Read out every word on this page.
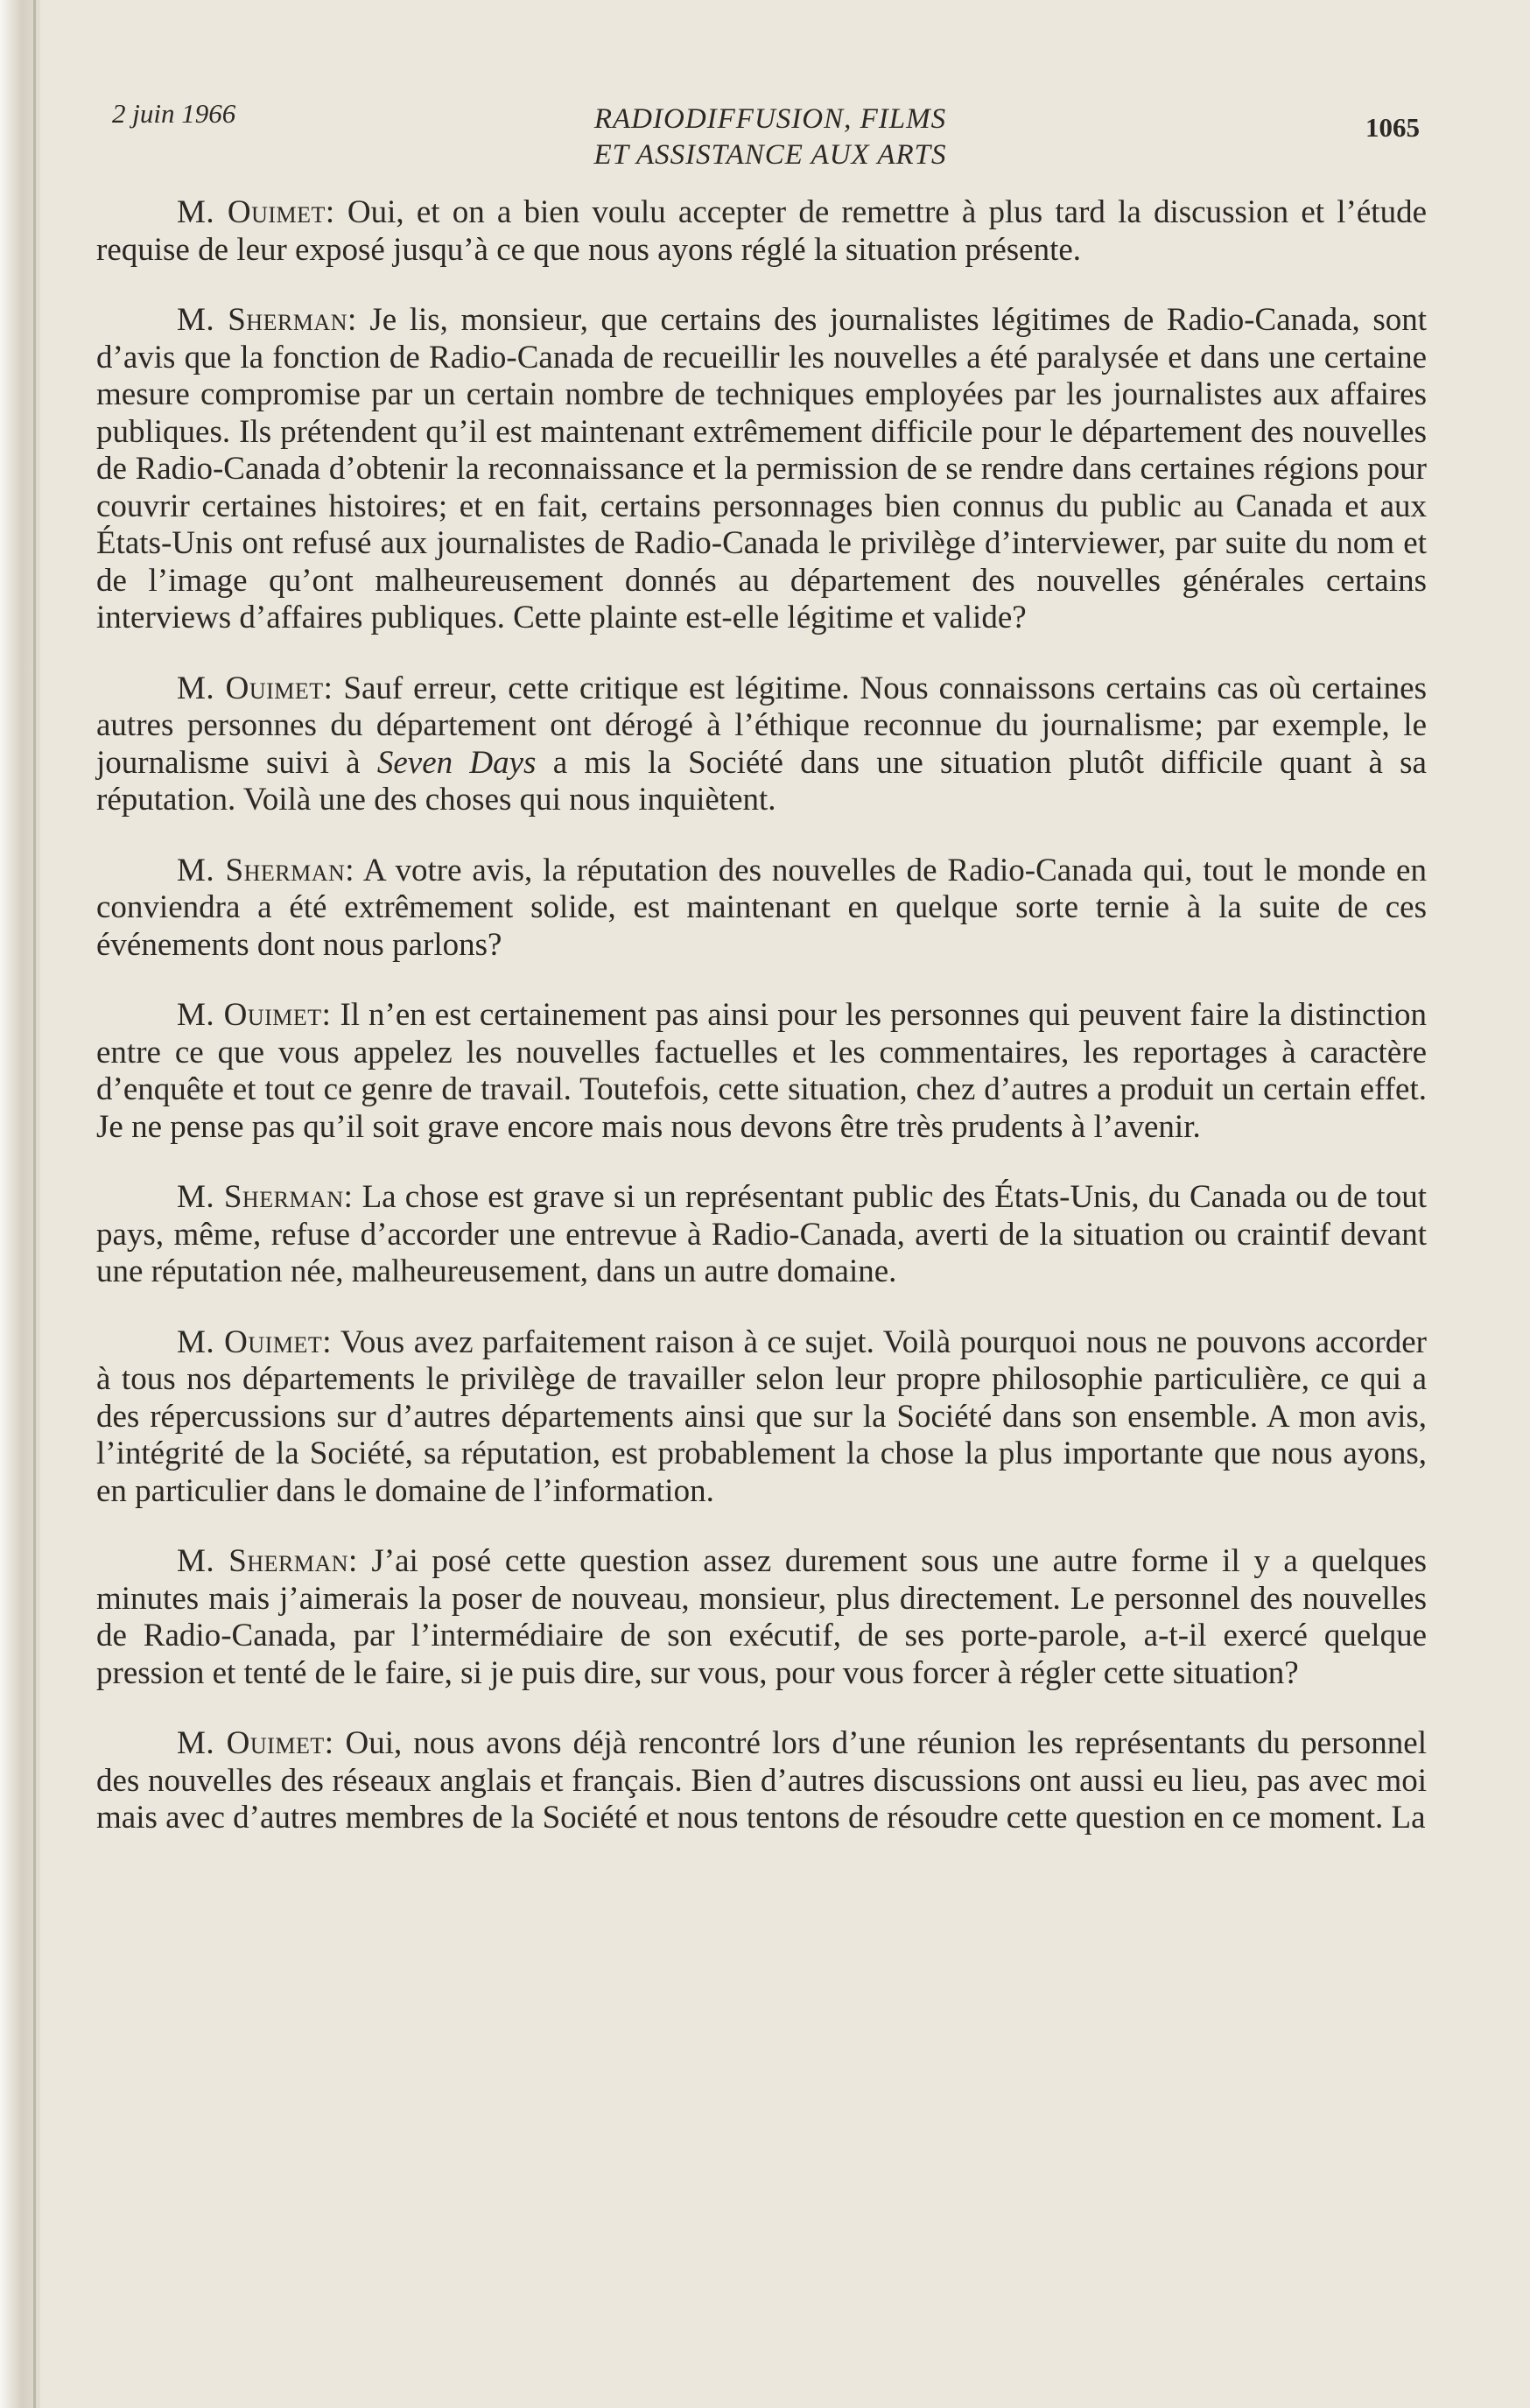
2 juin 1966	RADIODIFFUSION, FILMS
ET ASSISTANCE AUX ARTS
1065

M. Ouimet: Oui, et on a bien voulu accepter de remettre à plus tard la discussion et l’étude requise de leur exposé jusqu’à ce que nous ayons réglé la situation présente.

M. Sherman: Je lis, monsieur, que certains des journalistes légitimes de Radio-Canada, sont d’avis que la fonction de Radio-Canada de recueillir les nouvelles a été paralysée et dans une certaine mesure compromise par un certain nombre de techniques employées par les journalistes aux affaires publiques. Ils prétendent qu’il est maintenant extrêmement difficile pour le département des nouvelles de Radio-Canada d’obtenir la reconnaissance et la permission de se rendre dans certaines régions pour couvrir certaines histoires; et en fait, certains personnages bien connus du public au Canada et aux États-Unis ont refusé aux journalistes de Radio-Canada le privilège d’interviewer, par suite du nom et de l’image qu’ont malheureusement donnés au département des nouvelles générales certains interviews d’affaires publiques. Cette plainte est-elle légitime et valide?

M. Ouimet: Sauf erreur, cette critique est légitime. Nous connaissons certains cas où certaines autres personnes du département ont dérogé à l’éthique reconnue du journalisme; par exemple, le journalisme suivi à Seven Days a mis la Société dans une situation plutôt difficile quant à sa réputation. Voilà une des choses qui nous inquiètent.

M. Sherman: A votre avis, la réputation des nouvelles de Radio-Canada qui, tout le monde en conviendra a été extrêmement solide, est maintenant en quelque sorte ternie à la suite de ces événements dont nous parlons?

M. Ouimet: Il n’en est certainement pas ainsi pour les personnes qui peuvent faire la distinction entre ce que vous appelez les nouvelles factuelles et les commentaires, les reportages à caractère d’enquête et tout ce genre de travail. Toutefois, cette situation, chez d’autres a produit un certain effet. Je ne pense pas qu’il soit grave encore mais nous devons être très prudents à l’avenir.

M. Sherman: La chose est grave si un représentant public des États-Unis, du Canada ou de tout pays, même, refuse d’accorder une entrevue à Radio-Canada, averti de la situation ou craintif devant une réputation née, malheureusement, dans un autre domaine.

M. Ouimet: Vous avez parfaitement raison à ce sujet. Voilà pourquoi nous ne pouvons accorder à tous nos départements le privilège de travailler selon leur propre philosophie particulière, ce qui a des répercussions sur d’autres départements ainsi que sur la Société dans son ensemble. A mon avis, l’intégrité de la Société, sa réputation, est probablement la chose la plus importante que nous ayons, en particulier dans le domaine de l’information.

M. Sherman: J’ai posé cette question assez durement sous une autre forme il y a quelques minutes mais j’aimerais la poser de nouveau, monsieur, plus directement. Le personnel des nouvelles de Radio-Canada, par l’intermédiaire de son exécutif, de ses porte-parole, a-t-il exercé quelque pression et tenté de le faire, si je puis dire, sur vous, pour vous forcer à régler cette situation?

M. Ouimet: Oui, nous avons déjà rencontré lors d’une réunion les représentants du personnel des nouvelles des réseaux anglais et français. Bien d’autres discussions ont aussi eu lieu, pas avec moi mais avec d’autres membres de la Société et nous tentons de résoudre cette question en ce moment. La
